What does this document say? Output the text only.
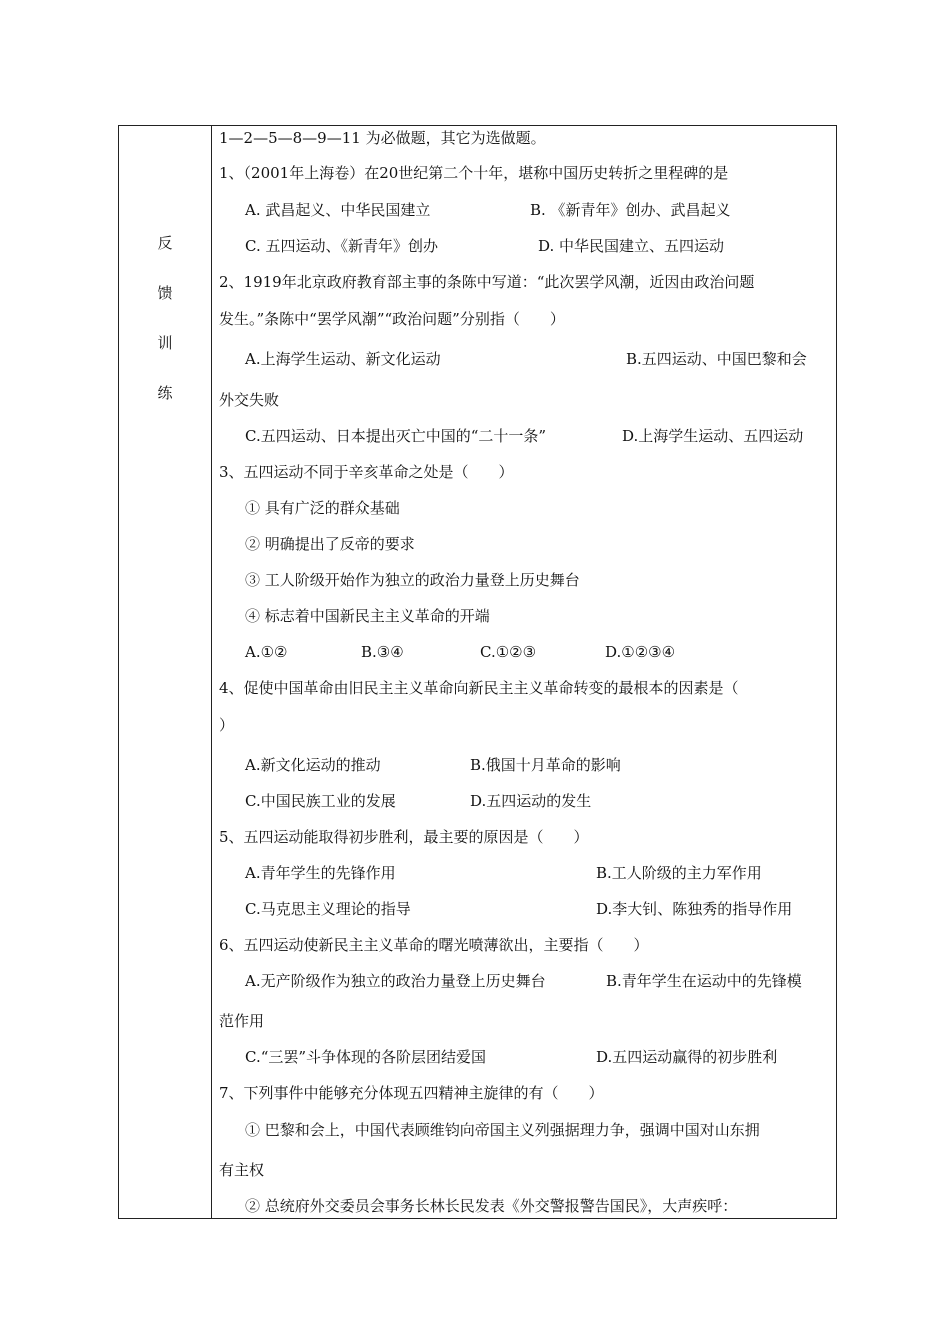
反
馈
训
练
1—2—5—8—9—11 为必做题，其它为选做题。
1、（2001年上海卷）在20世纪第二个十年，堪称中国历史转折之里程碑的是
A. 武昌起义、中华民国建立	B. 《新青年》创办、武昌起义
C. 五四运动、《新青年》创办	D. 中华民国建立、五四运动
2、1919年北京政府教育部主事的条陈中写道：“此次罢学风潮，近因由政治问题
发生。”条陈中“罢学风潮”“政治问题”分别指（　　）
A.上海学生运动、新文化运动	B.五四运动、中国巴黎和会
外交失败
C.五四运动、日本提出灭亡中国的“二十一条”	D.上海学生运动、五四运动
3、五四运动不同于辛亥革命之处是（　　）
① 具有广泛的群众基础
② 明确提出了反帝的要求
③ 工人阶级开始作为独立的政治力量登上历史舞台
④ 标志着中国新民主主义革命的开端
A.①②	B.③④	C.①②③	D.①②③④
4、促使中国革命由旧民主主义革命向新民主主义革命转变的最根本的因素是（
）
A.新文化运动的推动	B.俄国十月革命的影响
C.中国民族工业的发展	D.五四运动的发生
5、五四运动能取得初步胜利，最主要的原因是（　　）
A.青年学生的先锋作用	B.工人阶级的主力军作用
C.马克思主义理论的指导	D.李大钊、陈独秀的指导作用
6、五四运动使新民主主义革命的曙光喷薄欲出，主要指（　　）
A.无产阶级作为独立的政治力量登上历史舞台	B.青年学生在运动中的先锋模
范作用
C.“三罢”斗争体现的各阶层团结爱国	D.五四运动赢得的初步胜利
7、下列事件中能够充分体现五四精神主旋律的有（　　）
① 巴黎和会上，中国代表顾维钧向帝国主义列强据理力争，强调中国对山东拥
有主权
② 总统府外交委员会事务长林长民发表《外交警报警告国民》，大声疾呼：
